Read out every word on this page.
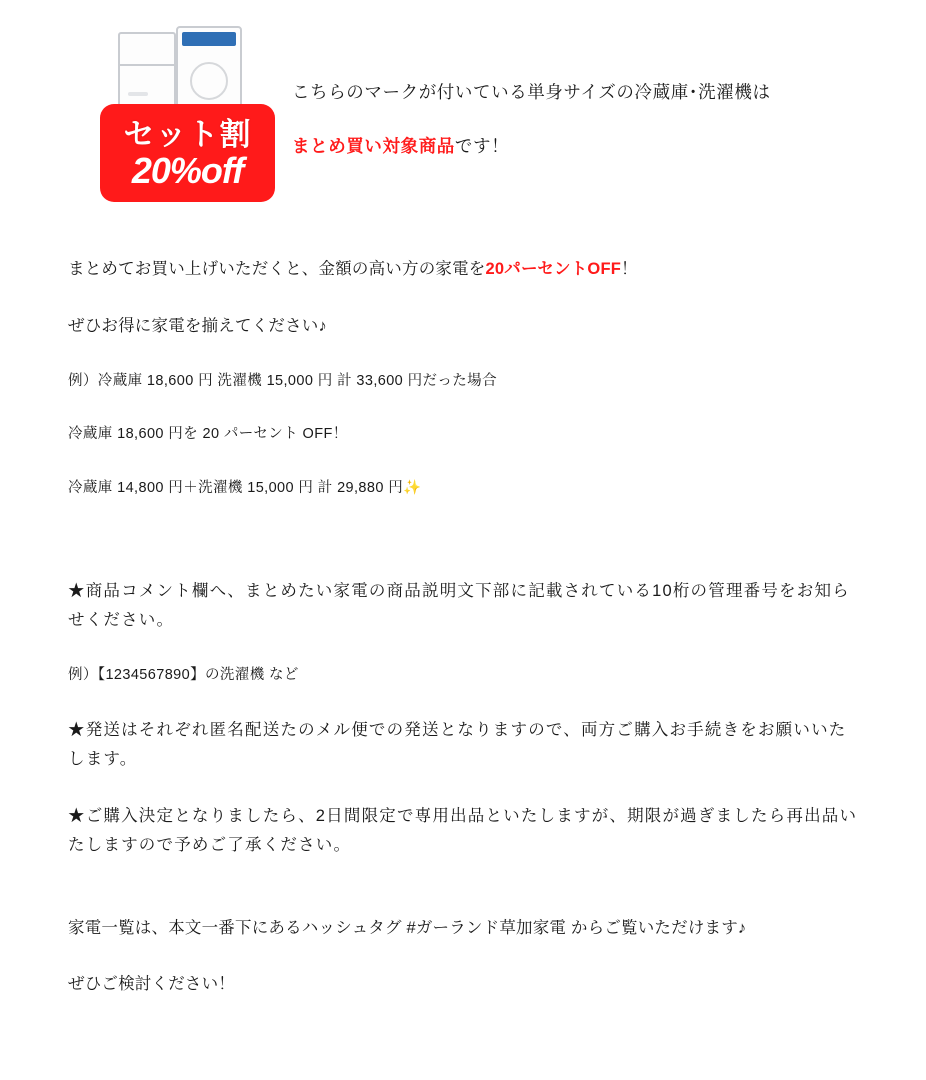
セット割
20%off
こちらのマークが付いている単身サイズの冷蔵庫･洗濯機は
まとめ買い対象商品です！

まとめてお買い上げいただくと、金額の高い方の家電を20パーセントOFF！

ぜひお得に家電を揃えてください♪

例）冷蔵庫 18,600 円 洗濯機 15,000 円 計 33,600 円だった場合

冷蔵庫 18,600 円を 20 パーセント OFF！

冷蔵庫 14,800 円＋洗濯機 15,000 円 計 29,880 円✨

★商品コメント欄へ、まとめたい家電の商品説明文下部に記載されている10桁の管理番号をお知らせください。

例）【1234567890】の洗濯機 など

★発送はそれぞれ匿名配送たのメル便での発送となりますので、両方ご購入お手続きをお願いいたします。

★ご購入決定となりましたら、2日間限定で専用出品といたしますが、期限が過ぎましたら再出品いたしますので予めご了承ください。

家電一覧は、本文一番下にあるハッシュタグ #ガーランド草加家電 からご覧いただけます♪

ぜひご検討ください！
